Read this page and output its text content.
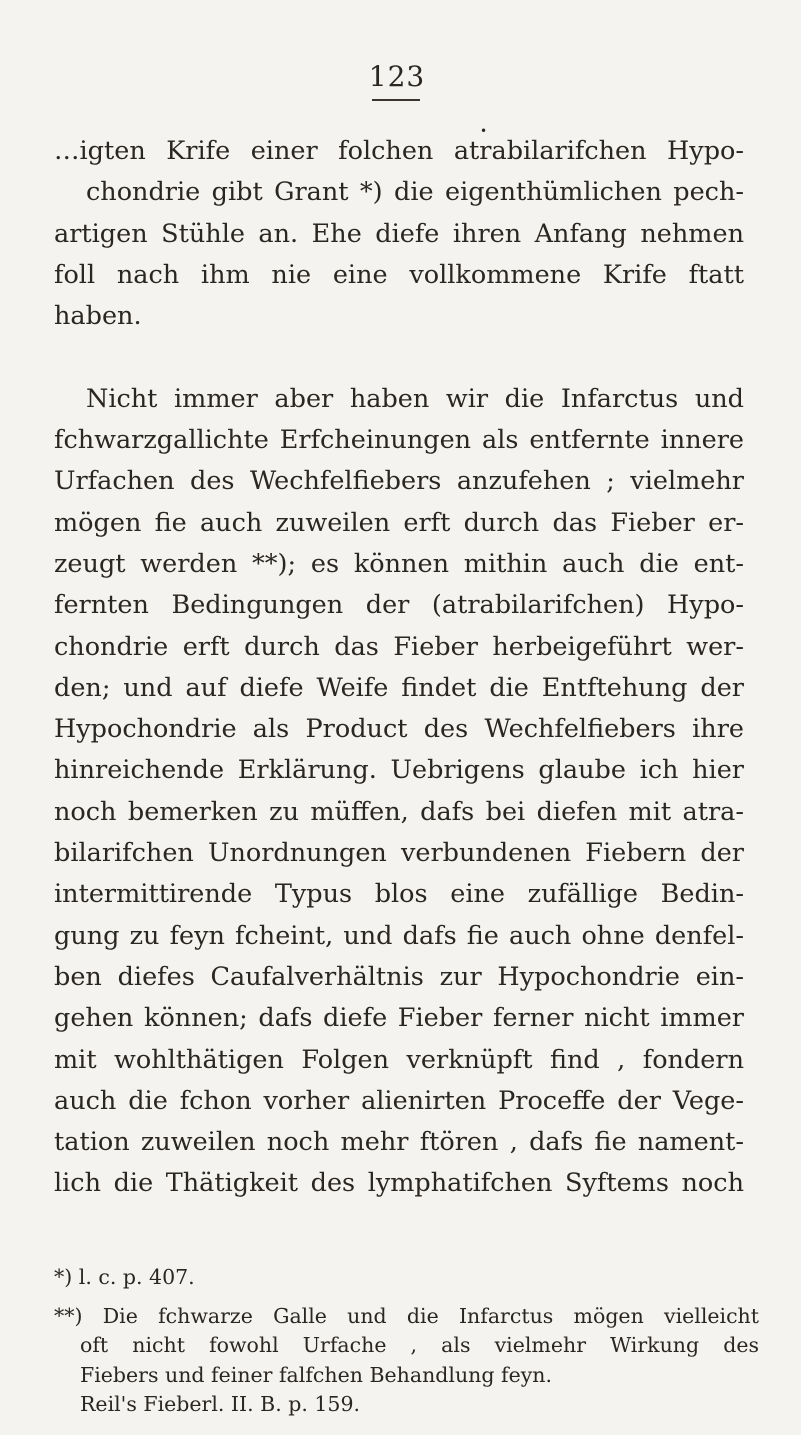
123
•
…igten Krife einer folchen atrabilarifchen Hypo-
chondrie gibt Grant *) die eigenthümlichen pech-
artigen Stühle an. Ehe diefe ihren Anfang nehmen
foll nach ihm nie eine vollkommene Krife ftatt
haben.
Nicht immer aber haben wir die Infarctus und
fchwarzgallichte Erfcheinungen als entfernte innere
Urfachen des Wechfelfiebers anzufehen ; vielmehr
mögen fie auch zuweilen erft durch das Fieber er-
zeugt werden **); es können mithin auch die ent-
fernten Bedingungen der (atrabilarifchen) Hypo-
chondrie erft durch das Fieber herbeigeführt wer-
den; und auf diefe Weife findet die Entftehung der
Hypochondrie als Product des Wechfelfiebers ihre
hinreichende Erklärung. Uebrigens glaube ich hier
noch bemerken zu müffen, dafs bei diefen mit atra-
bilarifchen Unordnungen verbundenen Fiebern der
intermittirende Typus blos eine zufällige Bedin-
gung zu feyn fcheint, und dafs fie auch ohne denfel-
ben diefes Caufalverhältnis zur Hypochondrie ein-
gehen können; dafs diefe Fieber ferner nicht immer
mit wohlthätigen Folgen verknüpft find , fondern
auch die fchon vorher alienirten Proceffe der Vege-
tation zuweilen noch mehr ftören , dafs fie nament-
lich die Thätigkeit des lymphatifchen Syftems noch
*) l. c. p. 407.
**) Die fchwarze Galle und die Infarctus mögen vielleicht
oft nicht fowohl Urfache , als vielmehr Wirkung des
Fiebers und feiner falfchen Behandlung feyn.
Reil's Fieberl. II. B. p. 159.
